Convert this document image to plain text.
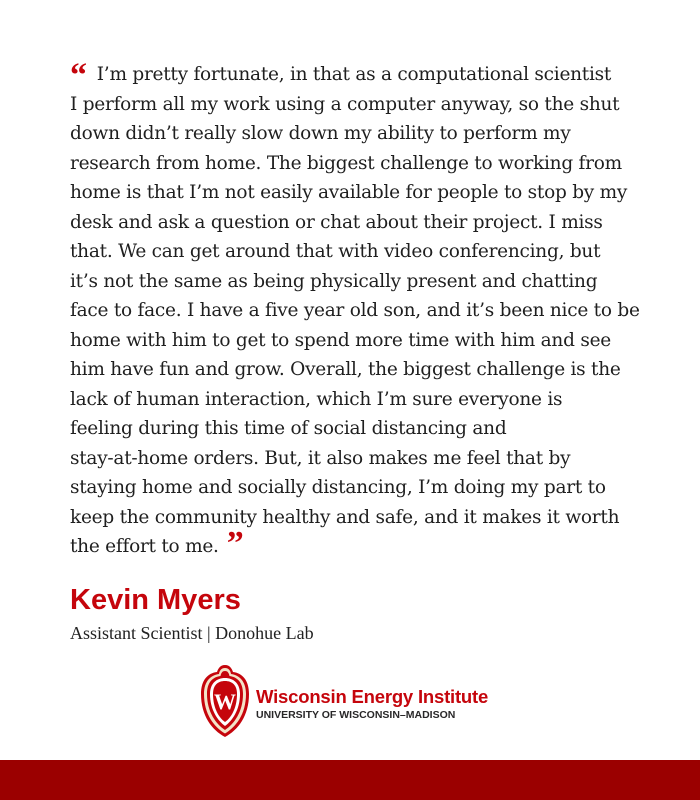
“ I’m pretty fortunate, in that as a computational scientist
I perform all my work using a computer anyway, so the shut
down didn’t really slow down my ability to perform my
research from home. The biggest challenge to working from
home is that I’m not easily available for people to stop by my
desk and ask a question or chat about their project. I miss
that. We can get around that with video conferencing, but
it’s not the same as being physically present and chatting
face to face. I have a five year old son, and it’s been nice to be
home with him to get to spend more time with him and see
him have fun and grow. Overall, the biggest challenge is the
lack of human interaction, which I’m sure everyone is
feeling during this time of social distancing and
stay-at-home orders. But, it also makes me feel that by
staying home and socially distancing, I’m doing my part to
keep the community healthy and safe, and it makes it worth
the effort to me. ”
Kevin Myers
Assistant Scientist | Donohue Lab
W Wisconsin Energy Institute
UNIVERSITY OF WISCONSIN–MADISON
